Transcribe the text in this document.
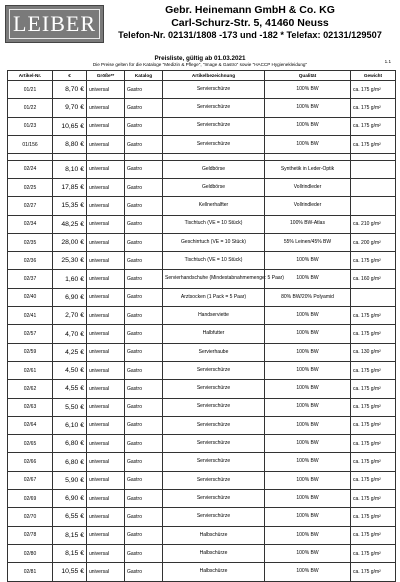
LEIBER
Gebr. Heinemann GmbH & Co. KG
Carl-Schurz-Str. 5, 41460 Neuss
Telefon-Nr. 02131/1808 -173 und -182 * Telefax: 02131/129507
Preisliste, gültig ab 01.03.2021	1.1
Die Preise gelten für die Kataloge "Medizin & Pflege", "Image & Gastro" sowie "HACCP Hygienekleidung"
Artikel-Nr.	€	Größe**	Katalog	Artikelbezeichnung	Qualität	Gewicht
01/21	8,70 €	universal	Gastro	Servierschürze	100% BW	ca. 175 g/m²
01/22	9,70 €	universal	Gastro	Servierschürze	100% BW	ca. 175 g/m²
01/23	10,65 €	universal	Gastro	Servierschürze	100% BW	ca. 175 g/m²
01/156	8,80 €	universal	Gastro	Servierschürze	100% BW	ca. 175 g/m²

02/24	8,10 €	universal	Gastro	Geldbörse	Synthetik in Leder-Optik	
02/25	17,85 €	universal	Gastro	Geldbörse	Vollrindleder	
02/27	15,35 €	universal	Gastro	Kellnerhalfter	Vollrindleder	
02/34	48,25 €	universal	Gastro	Tischtuch (VE = 10 Stück)	100% BW-Atlas	ca. 210 g/m²
02/35	28,00 €	universal	Gastro	Geschirrtuch (VE = 10 Stück)	55% Leinen/45% BW	ca. 200 g/m²
02/36	25,30 €	universal	Gastro	Tischtuch (VE = 10 Stück)	100% BW	ca. 175 g/m²
02/37	1,60 €	universal	Gastro	Servierhandschuhe (Mindestabnahmemenge: 5 Paar)	100% BW	ca. 160 g/m²
02/40	6,90 €	universal	Gastro	Arztsocken (1 Pack = 5 Paar)	80% BW/20% Polyamid	
02/41	2,70 €	universal	Gastro	Handserviette	100% BW	ca. 175 g/m²
02/57	4,70 €	universal	Gastro	Halbfutter	100% BW	ca. 175 g/m²
02/59	4,25 €	universal	Gastro	Servierhaube	100% BW	ca. 130 g/m²
02/61	4,50 €	universal	Gastro	Servierschürze	100% BW	ca. 175 g/m²
02/62	4,55 €	universal	Gastro	Servierschürze	100% BW	ca. 175 g/m²
02/63	5,50 €	universal	Gastro	Servierschürze	100% BW	ca. 175 g/m²
02/64	6,10 €	universal	Gastro	Servierschürze	100% BW	ca. 175 g/m²
02/65	6,80 €	universal	Gastro	Servierschürze	100% BW	ca. 175 g/m²
02/66	6,80 €	universal	Gastro	Servierschürze	100% BW	ca. 175 g/m²
02/67	5,90 €	universal	Gastro	Servierschürze	100% BW	ca. 175 g/m²
02/69	6,90 €	universal	Gastro	Servierschürze	100% BW	ca. 175 g/m²
02/70	6,55 €	universal	Gastro	Servierschürze	100% BW	ca. 175 g/m²
02/78	8,15 €	universal	Gastro	Halbschürze	100% BW	ca. 175 g/m²
02/80	8,15 €	universal	Gastro	Halbschürze	100% BW	ca. 175 g/m²
02/81	10,55 €	universal	Gastro	Halbschürze	100% BW	ca. 175 g/m²
